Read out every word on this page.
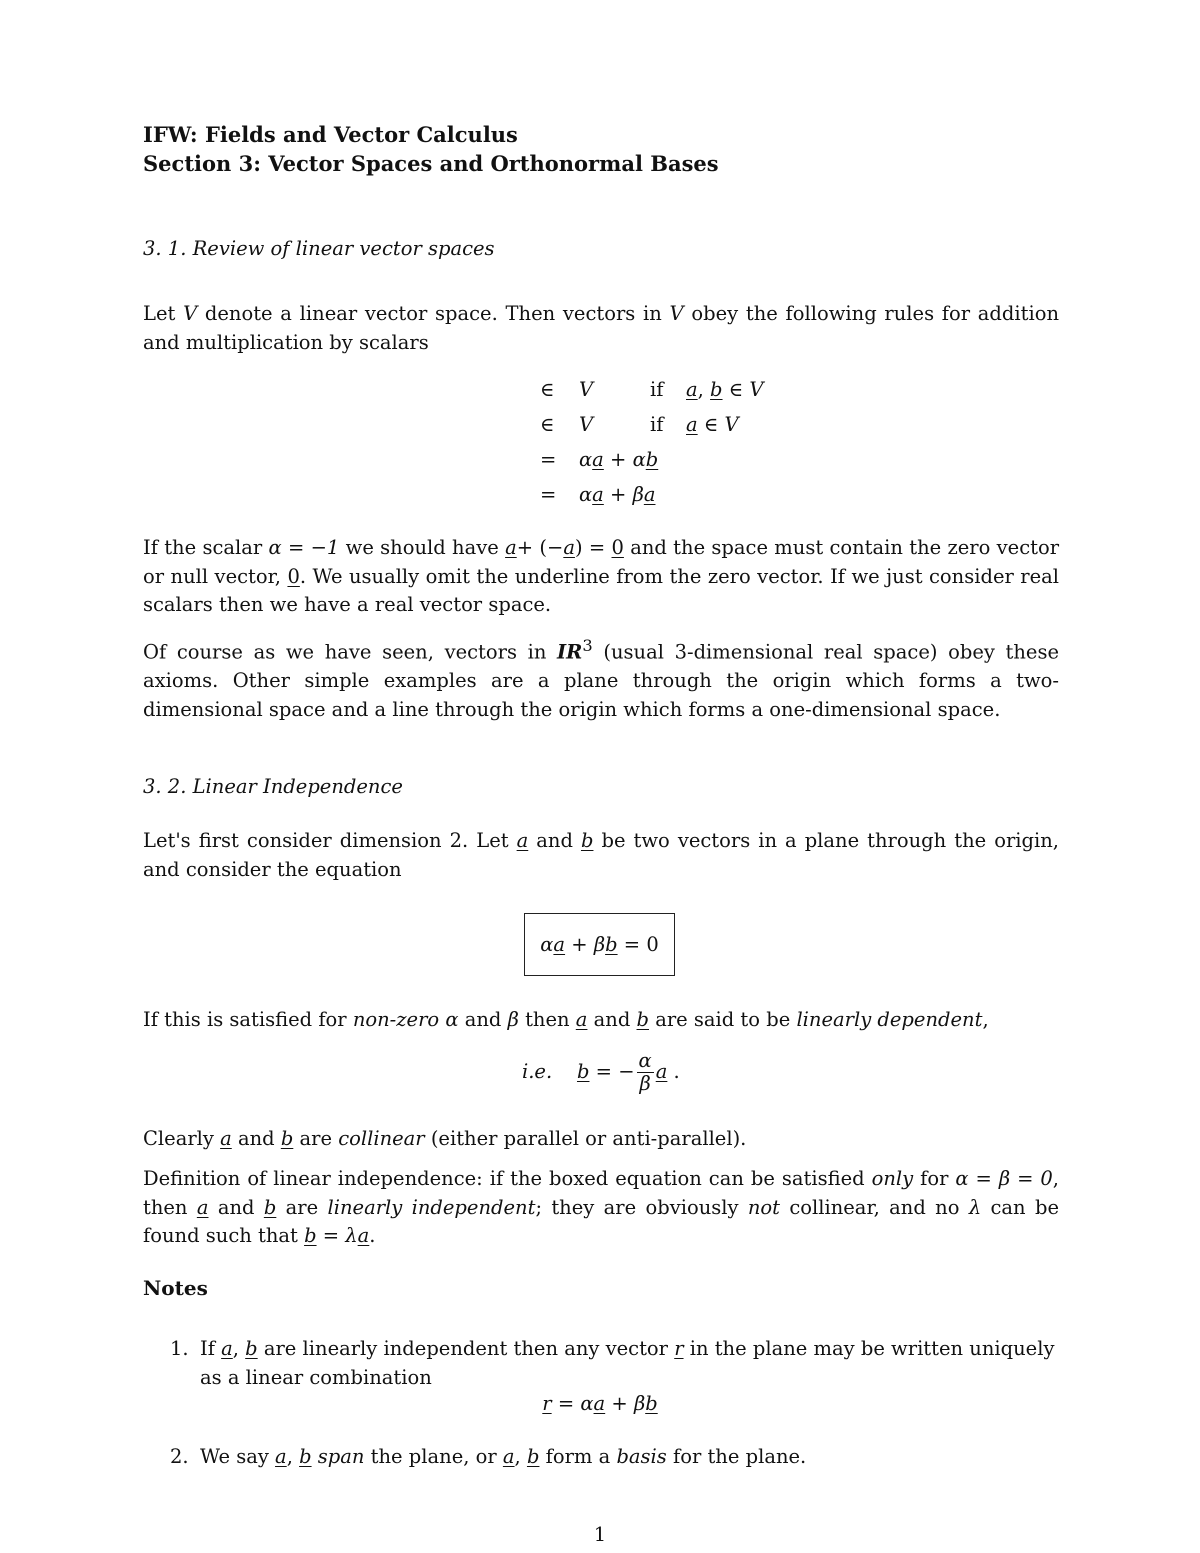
IFW: Fields and Vector Calculus
Section 3: Vector Spaces and Orthonormal Bases
3. 1. Review of linear vector spaces
Let V denote a linear vector space. Then vectors in V obey the following rules for addition and multiplication by scalars
∈ V	if a, b ∈ V
∈ V	if a ∈ V
= αa + αb
= αa + βa
If the scalar α = −1 we should have a+ (−a) = 0 and the space must contain the zero vector or null vector, 0. We usually omit the underline from the zero vector. If we just consider real scalars then we have a real vector space.
Of course as we have seen, vectors in $IR^3$ (usual 3-dimensional real space) obey these axioms. Other simple examples are a plane through the origin which forms a two-dimensional space and a line through the origin which forms a one-dimensional space.
3. 2. Linear Independence
Let's first consider dimension 2. Let a and b be two vectors in a plane through the origin, and consider the equation
αa + βb = 0
If this is satisfied for non-zero α and β then a and b are said to be linearly dependent,
i.e. b = − $\frac{\alpha}{\beta}$ a .
Clearly a and b are collinear (either parallel or anti-parallel).
Definition of linear independence: if the boxed equation can be satisfied only for α = β = 0, then a and b are linearly independent; they are obviously not collinear, and no λ can be found such that b = λa.
Notes
1. If a, b are linearly independent then any vector r in the plane may be written uniquely as a linear combination
r = αa + βb
2. We say a, b span the plane, or a, b form a basis for the plane.
1
